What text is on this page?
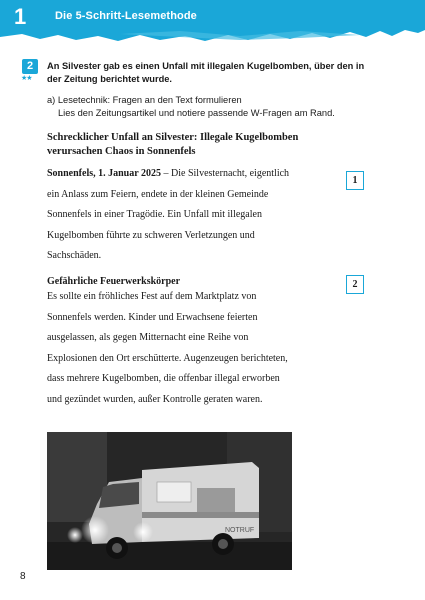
1	Die 5-Schritt-Lesemethode
2
★★
An Silvester gab es einen Unfall mit illegalen Kugelbomben, über den in der Zeitung berichtet wurde.
a) Lesetechnik: Fragen an den Text formulieren
Lies den Zeitungsartikel und notiere passende W-Fragen am Rand.
Schrecklicher Unfall an Silvester: Illegale Kugelbomben verursachen Chaos in Sonnenfels

Sonnenfels, 1. Januar 2025 – Die Silvesternacht, eigentlich ein Anlass zum Feiern, endete in der kleinen Gemeinde Sonnenfels in einer Tragödie. Ein Unfall mit illegalen Kugelbomben führte zu schweren Verletzungen und Sachschäden.

1
Gefährliche Feuerwerkskörper

Es sollte ein fröhliches Fest auf dem Marktplatz von Sonnenfels werden. Kinder und Erwachsene feierten ausgelassen, als gegen Mitternacht eine Reihe von Explosionen den Ort erschütterte. Augenzeugen berichteten, dass mehrere Kugelbomben, die offenbar illegal erworben und gezündet wurden, außer Kontrolle geraten waren.

2
NOTRUF
8
